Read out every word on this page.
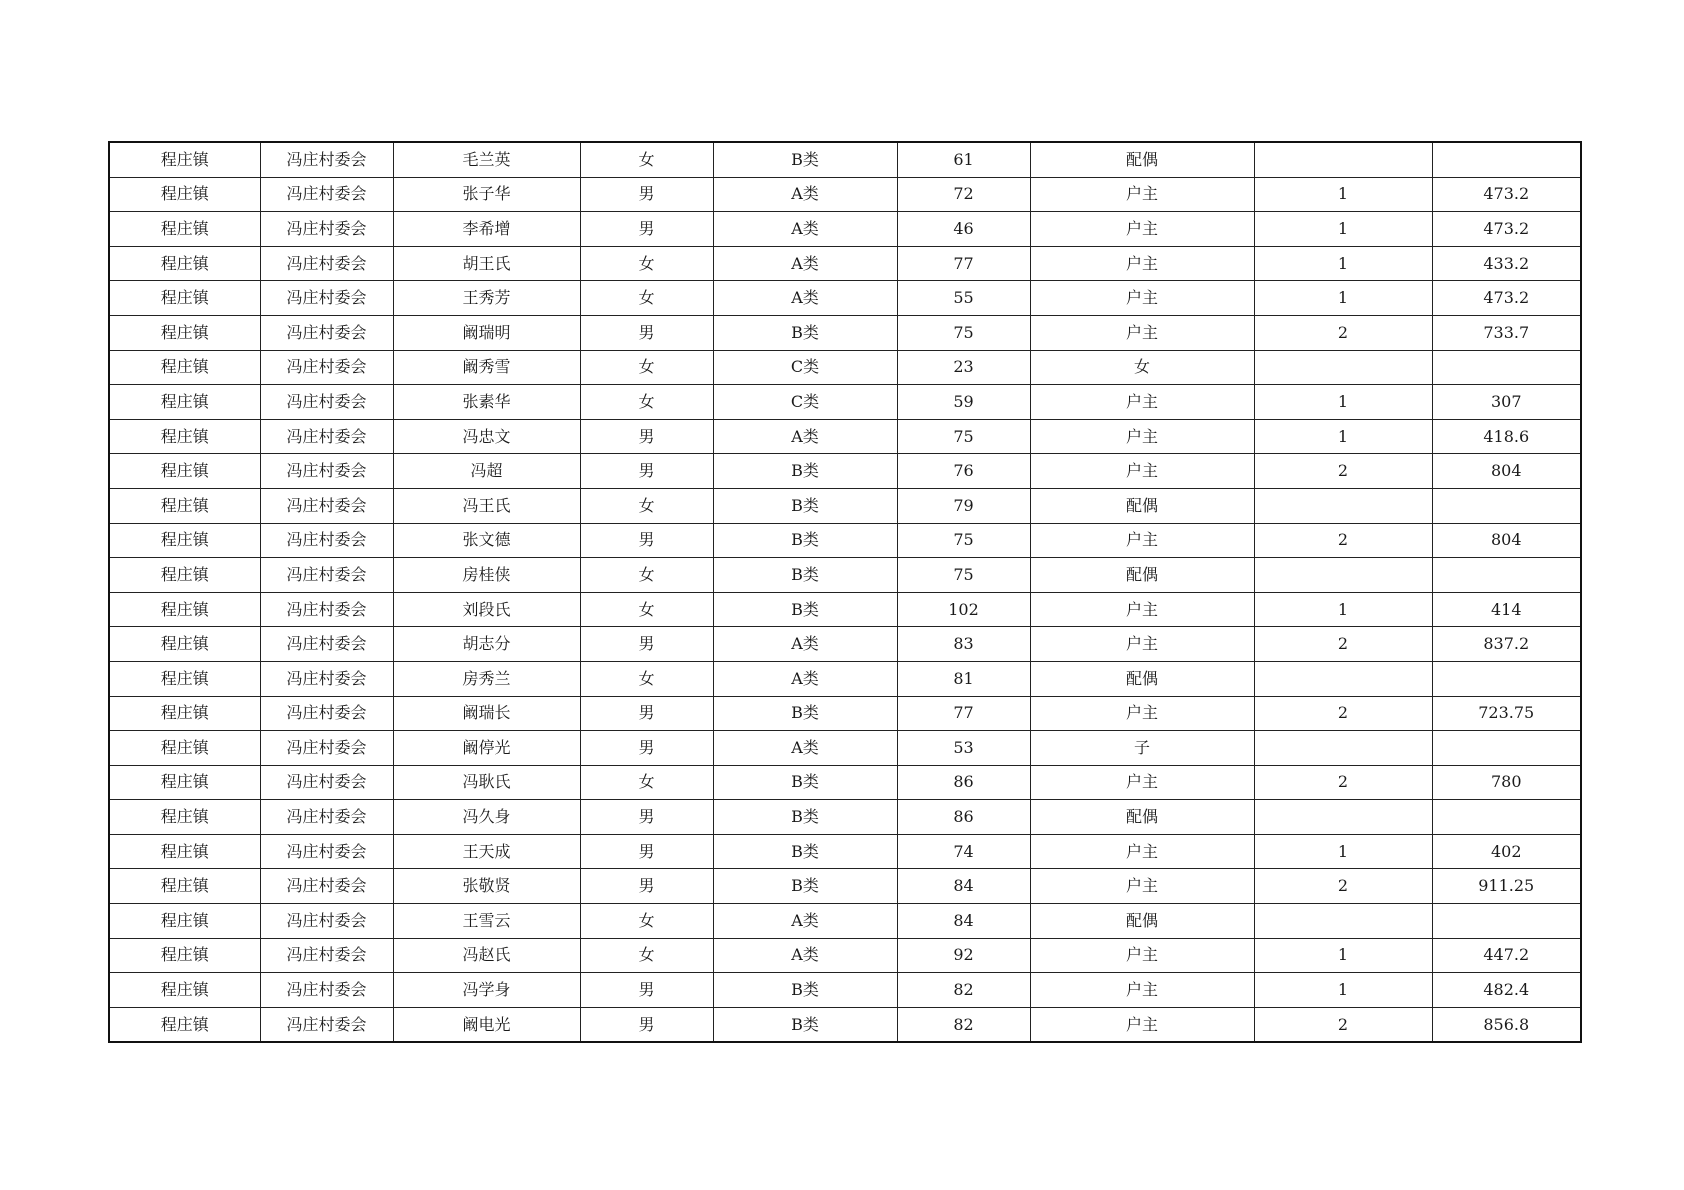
程庄镇	冯庄村委会	毛兰英	女	B类	61	配偶		
程庄镇	冯庄村委会	张子华	男	A类	72	户主	1	473.2
程庄镇	冯庄村委会	李希增	男	A类	46	户主	1	473.2
程庄镇	冯庄村委会	胡王氏	女	A类	77	户主	1	433.2
程庄镇	冯庄村委会	王秀芳	女	A类	55	户主	1	473.2
程庄镇	冯庄村委会	阚瑞明	男	B类	75	户主	2	733.7
程庄镇	冯庄村委会	阚秀雪	女	C类	23	女		
程庄镇	冯庄村委会	张素华	女	C类	59	户主	1	307
程庄镇	冯庄村委会	冯忠文	男	A类	75	户主	1	418.6
程庄镇	冯庄村委会	冯超	男	B类	76	户主	2	804
程庄镇	冯庄村委会	冯王氏	女	B类	79	配偶		
程庄镇	冯庄村委会	张文德	男	B类	75	户主	2	804
程庄镇	冯庄村委会	房桂侠	女	B类	75	配偶		
程庄镇	冯庄村委会	刘段氏	女	B类	102	户主	1	414
程庄镇	冯庄村委会	胡志分	男	A类	83	户主	2	837.2
程庄镇	冯庄村委会	房秀兰	女	A类	81	配偶		
程庄镇	冯庄村委会	阚瑞长	男	B类	77	户主	2	723.75
程庄镇	冯庄村委会	阚停光	男	A类	53	子		
程庄镇	冯庄村委会	冯耿氏	女	B类	86	户主	2	780
程庄镇	冯庄村委会	冯久身	男	B类	86	配偶		
程庄镇	冯庄村委会	王天成	男	B类	74	户主	1	402
程庄镇	冯庄村委会	张敬贤	男	B类	84	户主	2	911.25
程庄镇	冯庄村委会	王雪云	女	A类	84	配偶		
程庄镇	冯庄村委会	冯赵氏	女	A类	92	户主	1	447.2
程庄镇	冯庄村委会	冯学身	男	B类	82	户主	1	482.4
程庄镇	冯庄村委会	阚电光	男	B类	82	户主	2	856.8
